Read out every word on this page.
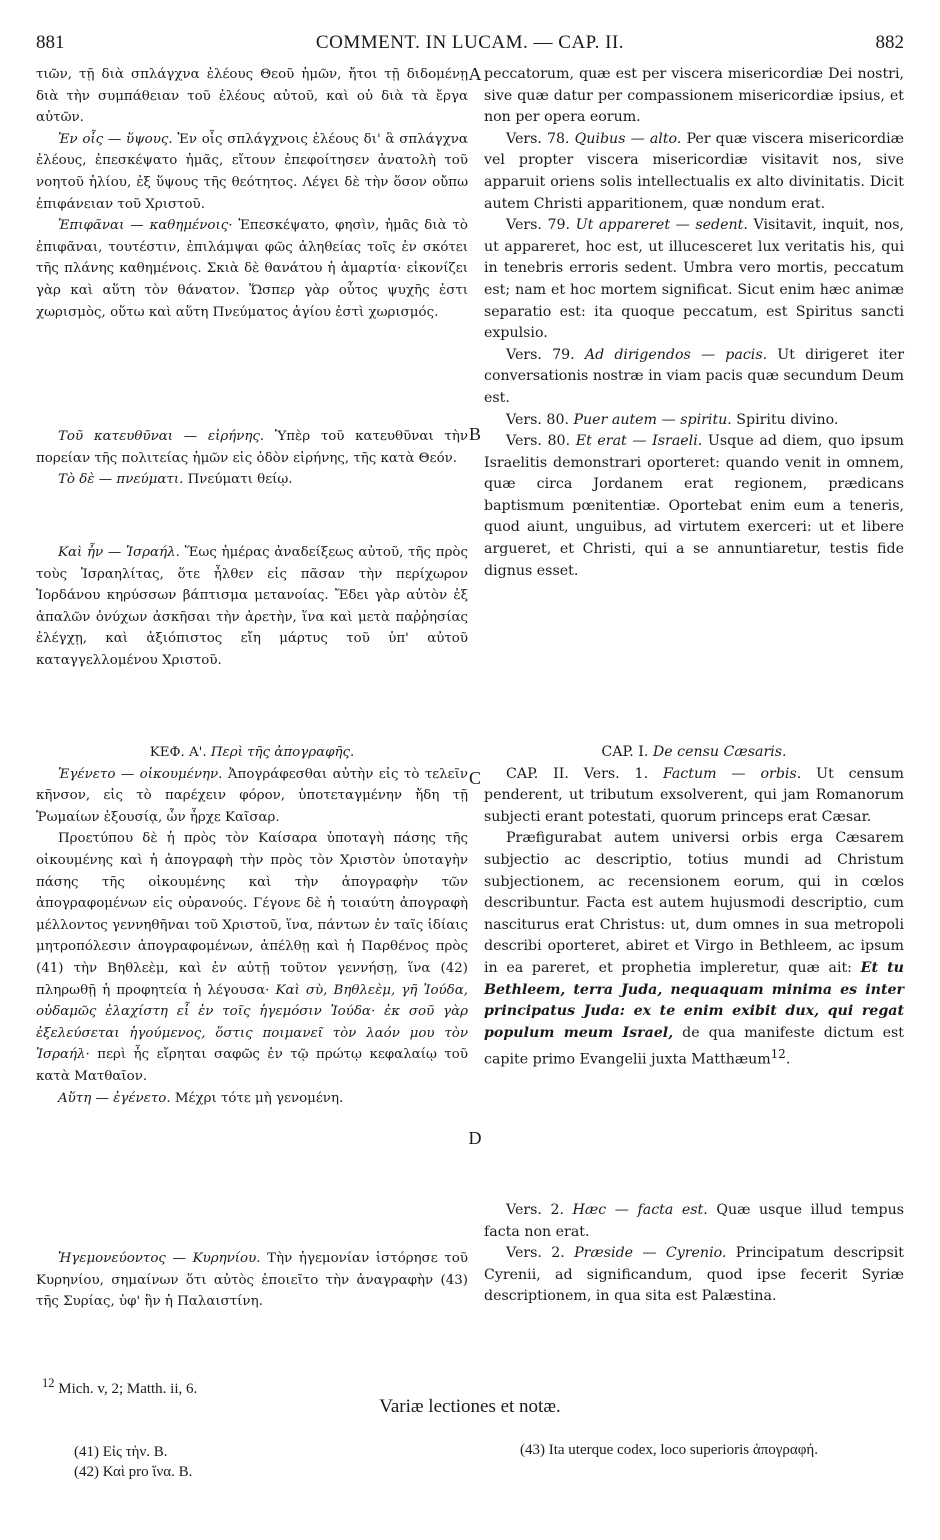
881	COMMENT. IN LUCAM. — CAP. II.	882
A
B
C
D

τιῶν, τῇ διὰ σπλάγχνα ἐλέους Θεοῦ ἡμῶν, ἤτοι τῇ διδομένῃ διὰ τὴν συμπάθειαν τοῦ ἐλέους αὐτοῦ, καὶ οὐ διὰ τὰ ἔργα αὐτῶν.

Ἐν οἷς — ὕψους. Ἐν οἷς σπλάγχνοις ἐλέους δι' ἃ σπλάγχνα ἐλέους, ἐπεσκέψατο ἡμᾶς, εἴτουν ἐπεφοίτησεν ἀνατολὴ τοῦ νοητοῦ ἡλίου, ἐξ ὕψους τῆς θεότητος. Λέγει δὲ τὴν ὅσον οὔπω ἐπιφάνειαν τοῦ Χριστοῦ.

Ἐπιφᾶναι — καθημένοις· Ἐπεσκέψατο, φησὶν, ἡμᾶς διὰ τὸ ἐπιφᾶναι, τουτέστιν, ἐπιλάμψαι φῶς ἀληθείας τοῖς ἐν σκότει τῆς πλάνης καθημένοις. Σκιὰ δὲ θανάτου ἡ ἁμαρτία· εἰκονίζει γὰρ καὶ αὕτη τὸν θάνατον. Ὥσπερ γὰρ οὗτος ψυχῆς ἐστι χωρισμὸς, οὕτω καὶ αὕτη Πνεύματος ἁγίου ἐστὶ χωρισμός.

Τοῦ κατευθῦναι — εἰρήνης. Ὑπὲρ τοῦ κατευθῦναι τὴν πορείαν τῆς πολιτείας ἡμῶν εἰς ὁδὸν εἰρήνης, τῆς κατὰ Θεόν.

Τὸ δὲ — πνεύματι. Πνεύματι θείῳ.

Καὶ ἦν — Ἰσραήλ. Ἕως ἡμέρας ἀναδείξεως αὐτοῦ, τῆς πρὸς τοὺς Ἰσραηλίτας, ὅτε ἦλθεν εἰς πᾶσαν τὴν περίχωρον Ἰορδάνου κηρύσσων βάπτισμα μετανοίας. Ἔδει γὰρ αὐτὸν ἐξ ἁπαλῶν ὀνύχων ἀσκῆσαι τὴν ἀρετὴν, ἵνα καὶ μετὰ παῤῥησίας ἐλέγχῃ, καὶ ἀξιόπιστος εἴη μάρτυς τοῦ ὑπ' αὐτοῦ καταγγελλομένου Χριστοῦ.

ΚΕΦ. Α'. Περὶ τῆς ἀπογραφῆς.

Ἐγένετο — οἰκουμένην. Ἀπογράφεσθαι αὐτὴν εἰς τὸ τελεῖν κῆνσον, εἰς τὸ παρέχειν φόρον, ὑποτεταγμένην ἤδη τῇ Ῥωμαίων ἐξουσίᾳ, ὧν ἦρχε Καῖσαρ.

Προετύπου δὲ ἡ πρὸς τὸν Καίσαρα ὑποταγὴ πάσης τῆς οἰκουμένης καὶ ἡ ἀπογραφὴ τὴν πρὸς τὸν Χριστὸν ὑποταγὴν πάσης τῆς οἰκουμένης καὶ τὴν ἀπογραφὴν τῶν ἀπογραφομένων εἰς οὐρανούς. Γέγονε δὲ ἡ τοιαύτη ἀπογραφὴ μέλλοντος γεννηθῆναι τοῦ Χριστοῦ, ἵνα, πάντων ἐν ταῖς ἰδίαις μητροπόλεσιν ἀπογραφομένων, ἀπέλθῃ καὶ ἡ Παρθένος πρὸς (41) τὴν Βηθλεὲμ, καὶ ἐν αὐτῇ τοῦτον γεννήσῃ, ἵνα (42) πληρωθῇ ἡ προφητεία ἡ λέγουσα· Καὶ σὺ, Βηθλεὲμ, γῆ Ἰούδα, οὐδαμῶς ἐλαχίστη εἶ ἐν τοῖς ἡγεμόσιν Ἰούδα· ἐκ σοῦ γὰρ ἐξελεύσεται ἡγούμενος, ὅστις ποιμανεῖ τὸν λαόν μου τὸν Ἰσραήλ· περὶ ἧς εἴρηται σαφῶς ἐν τῷ πρώτῳ κεφαλαίῳ τοῦ κατὰ Ματθαῖον.

Αὕτη — ἐγένετο. Μέχρι τότε μὴ γενομένη.

Ἡγεμονεύοντος — Κυρηνίου. Τὴν ἡγεμονίαν ἱστόρησε τοῦ Κυρηνίου, σημαίνων ὅτι αὐτὸς ἐποιεῖτο τὴν ἀναγραφὴν (43) τῆς Συρίας, ὑφ' ἣν ἡ Παλαιστίνη.

peccatorum, quæ est per viscera misericordiæ Dei nostri, sive quæ datur per compassionem misericordiæ ipsius, et non per opera eorum.

Vers. 78. Quibus — alto. Per quæ viscera misericordiæ vel propter viscera misericordiæ visitavit nos, sive apparuit oriens solis intellectualis ex alto divinitatis. Dicit autem Christi apparitionem, quæ nondum erat.

Vers. 79. Ut appareret — sedent. Visitavit, inquit, nos, ut appareret, hoc est, ut illucesceret lux veritatis his, qui in tenebris erroris sedent. Umbra vero mortis, peccatum est; nam et hoc mortem significat. Sicut enim hæc animæ separatio est: ita quoque peccatum, est Spiritus sancti expulsio.

Vers. 79. Ad dirigendos — pacis. Ut dirigeret iter conversationis nostræ in viam pacis quæ secundum Deum est.

Vers. 80. Puer autem — spiritu. Spiritu divino.

Vers. 80. Et erat — Israeli. Usque ad diem, quo ipsum Israelitis demonstrari oporteret: quando venit in omnem, quæ circa Jordanem erat regionem, prædicans baptismum pœnitentiæ. Oportebat enim eum a teneris, quod aiunt, unguibus, ad virtutem exerceri: ut et libere argueret, et Christi, qui a se annuntiaretur, testis fide dignus esset.

CAP. I. De censu Cæsaris.

CAP. II. Vers. 1. Factum — orbis. Ut censum penderent, ut tributum exsolverent, qui jam Romanorum subjecti erant potestati, quorum princeps erat Cæsar.

Præfigurabat autem universi orbis erga Cæsarem subjectio ac descriptio, totius mundi ad Christum subjectionem, ac recensionem eorum, qui in cœlos describuntur. Facta est autem hujusmodi descriptio, cum nasciturus erat Christus: ut, dum omnes in sua metropoli describi oporteret, abiret et Virgo in Bethleem, ac ipsum in ea pareret, et prophetia impleretur, quæ ait: Et tu Bethleem, terra Juda, nequaquam minima es inter principatus Juda: ex te enim exibit dux, qui regat populum meum Israel, de qua manifeste dictum est capite primo Evangelii juxta Matthæum$^{12}$.

Vers. 2. Hæc — facta est. Quæ usque illud tempus facta non erat.

Vers. 2. Præside — Cyrenio. Principatum descripsit Cyrenii, ad significandum, quod ipse fecerit Syriæ descriptionem, in qua sita est Palæstina.

$^{12}$ Mich. v, 2; Matth. ii, 6.
Variæ lectiones et notæ.
(41) Εἰς τὴν. B.
(42) Καὶ pro ἵνα. B.
(43) Ita uterque codex, loco superioris ἀπογραφή.
